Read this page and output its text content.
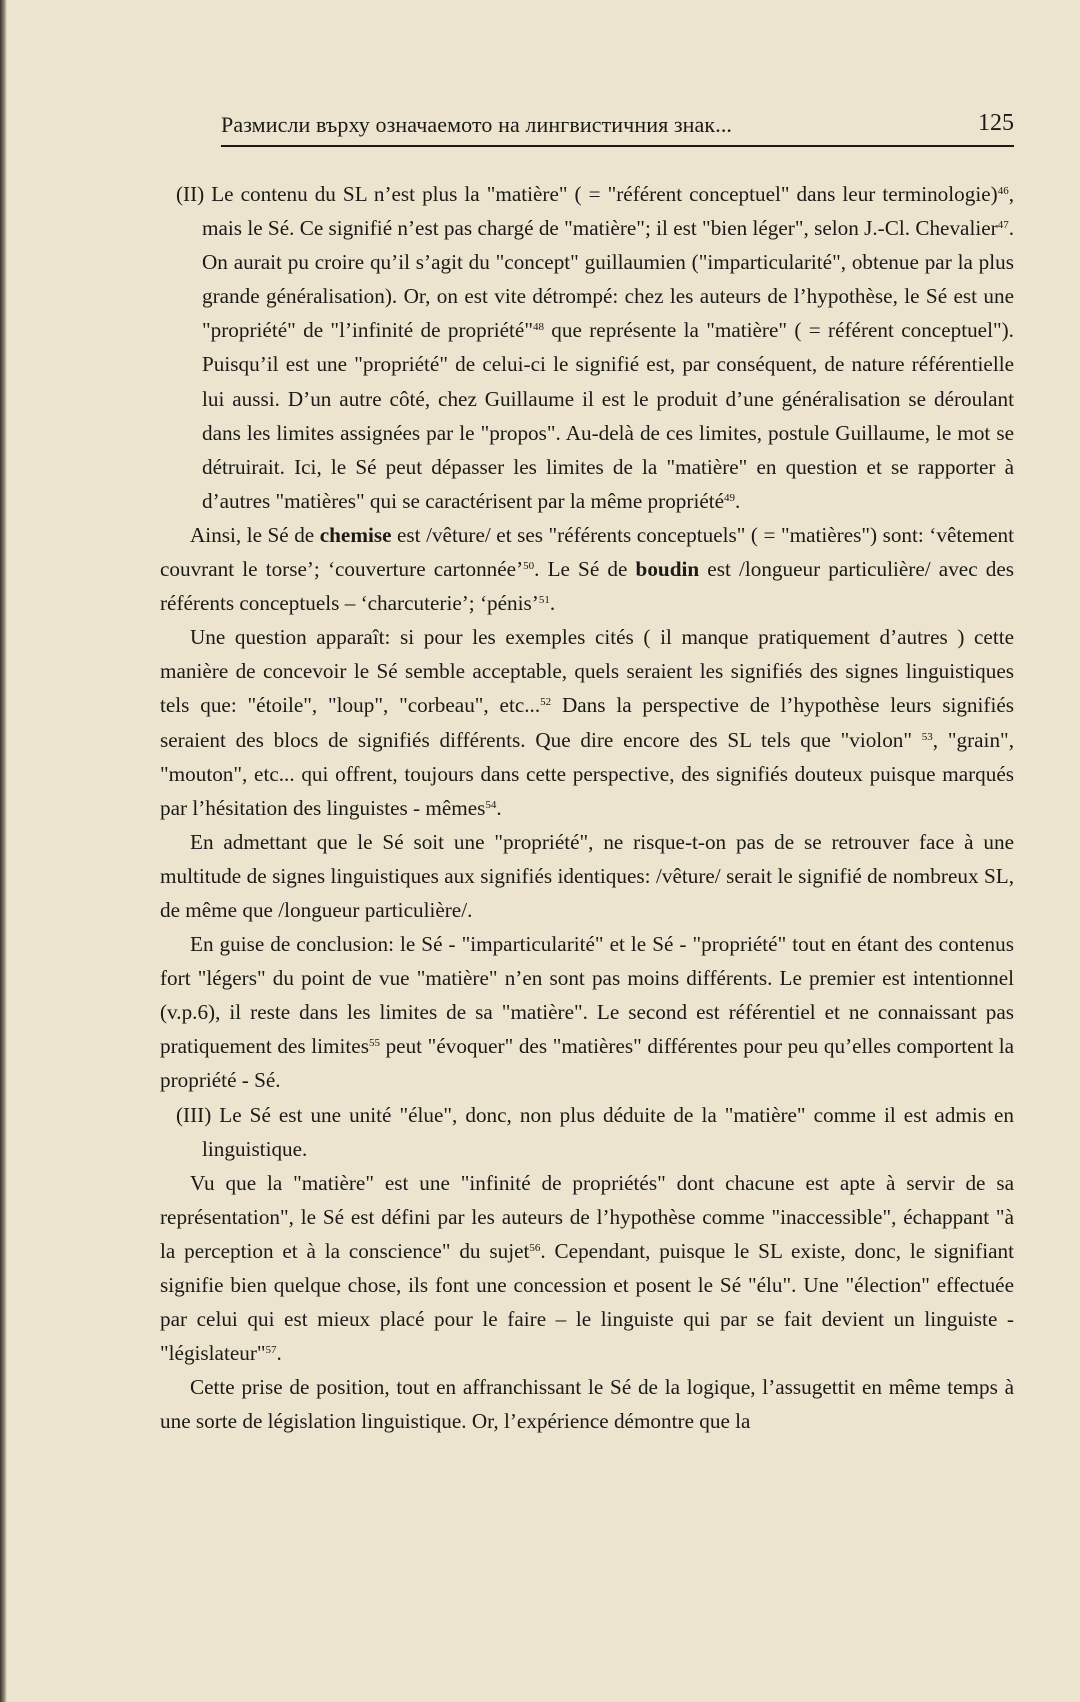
Размисли върху означаемото на лингвистичния знак...	125

(II) Le contenu du SL n’est plus la "matière" ( = "référent conceptuel" dans leur terminologie)$^{46}$, mais le Sé. Ce signifié n’est pas chargé de "matière"; il est "bien léger", selon J.-Cl. Chevalier$^{47}$. On aurait pu croire qu’il s’agit du "concept" guillaumien ("imparticularité", obtenue par la plus grande généralisation). Or, on est vite détrompé: chez les auteurs de l’hypothèse, le Sé est une "propriété" de "l’infinité de propriété"$^{48}$ que représente la "matière" ( = référent conceptuel"). Puisqu’il est une "propriété" de celui-ci le signifié est, par conséquent, de nature référentielle lui aussi. D’un autre côté, chez Guillaume il est le produit d’une généralisation se déroulant dans les limites assignées par le "propos". Au-delà de ces limites, postule Guillaume, le mot se détruirait. Ici, le Sé peut dépasser les limites de la "matière" en question et se rapporter à d’autres "matières" qui se caractérisent par la même propriété$^{49}$.

Ainsi, le Sé de chemise est /vêture/ et ses "référents conceptuels" ( = "matières") sont: ‘vêtement couvrant le torse’; ‘couverture cartonnée’$^{50}$. Le Sé de boudin est /longueur particulière/ avec des référents conceptuels – ‘charcuterie’; ‘pénis’$^{51}$.

Une question apparaît: si pour les exemples cités ( il manque pratiquement d’autres ) cette manière de concevoir le Sé semble acceptable, quels seraient les signifiés des signes linguistiques tels que: "étoile", "loup", "corbeau", etc...$^{52}$ Dans la perspective de l’hypothèse leurs signifiés seraient des blocs de signifiés différents. Que dire encore des SL tels que "violon" $^{53}$, "grain", "mouton", etc... qui offrent, toujours dans cette perspective, des signifiés douteux puisque marqués par l’hésitation des linguistes - mêmes$^{54}$.

En admettant que le Sé soit une "propriété", ne risque-t-on pas de se retrouver face à une multitude de signes linguistiques aux signifiés identiques: /vêture/ serait le signifié de nombreux SL, de même que /longueur particulière/.

En guise de conclusion: le Sé - "imparticularité" et le Sé - "propriété" tout en étant des contenus fort "légers" du point de vue "matière" n’en sont pas moins différents. Le premier est intentionnel (v.p.6), il reste dans les limites de sa "matière". Le second est référentiel et ne connaissant pas pratiquement des limites$^{55}$ peut "évoquer" des "matières" différentes pour peu qu’elles comportent la propriété - Sé.

(III) Le Sé est une unité "élue", donc, non plus déduite de la "matière" comme il est admis en linguistique.

Vu que la "matière" est une "infinité de propriétés" dont chacune est apte à servir de sa représentation", le Sé est défini par les auteurs de l’hypothèse comme "inaccessible", échappant "à la perception et à la conscience" du sujet$^{56}$. Cependant, puisque le SL existe, donc, le signifiant signifie bien quelque chose, ils font une concession et posent le Sé "élu". Une "élection" effectuée par celui qui est mieux placé pour le faire – le linguiste qui par se fait devient un linguiste - "législateur"$^{57}$.

Cette prise de position, tout en affranchissant le Sé de la logique, l’assugettit en même temps à une sorte de législation linguistique. Or, l’expérience démontre que la
